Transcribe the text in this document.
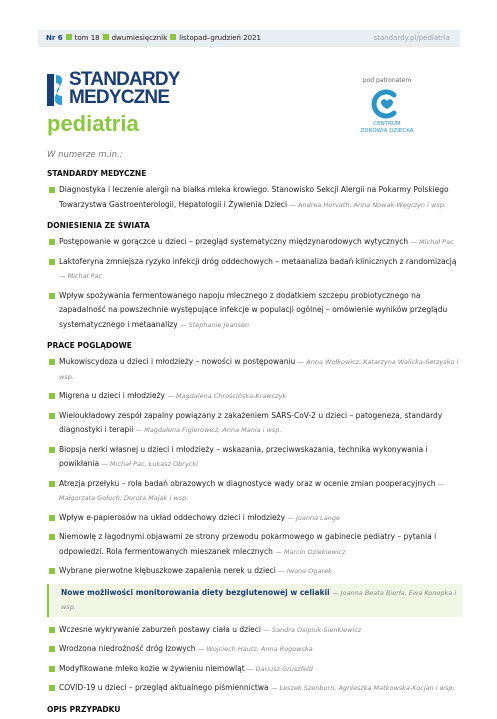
Nr 6 tom 18 dwumiesięcznik listopad–grudzień 2021	standardy.pl/pediatria
STANDARDY
MEDYCZNE
pediatria
pod patronatem
CENTRUM
ZDROWIA DZIECKA
W numerze m.in.:
STANDARDY MEDYCZNE
Diagnostyka i leczenie alergii na białka mleka krowiego. Stanowisko Sekcji Alergii na Pokarmy Polskiego Towarzystwa Gastroenterologii, Hepatologii i Żywienia Dzieci — Andrea Horvath, Anna Nowak-Węgrzyn i wsp.
DONIESIENIA ZE ŚWIATA
Postępowanie w gorączce u dzieci – przegląd systematyczny międzynarodowych wytycznych — Michał Pac
Laktoferyna zmniejsza ryzyko infekcji dróg oddechowych – metaanaliza badań klinicznych z randomizacją — Michał Pac
Wpływ spożywania fermentowanego napoju mlecznego z dodatkiem szczepu probiotycznego na zapadalność na powszechnie występujące infekcje w populacji ogólnej – omówienie wyników przeglądu systematycznego i metaanalizy — Stephanie Jeansen
PRACE POGLĄDOWE
Mukowiscydoza u dzieci i młodzieży – nowości w postępowaniu — Anna Wołkowicz, Katarzyna Walicka-Serzysko i wsp.
Migrena u dzieci i młodzieży — Magdalena Chrościńska-Krawczyk
Wieloukładowy zespół zapalny powiązany z zakażeniem SARS-CoV-2 u dzieci – patogeneza, standardy diagnostyki i terapii — Magdalena Figlerowicz, Anna Mania i wsp.
Biopsja nerki własnej u dzieci i młodzieży – wskazania, przeciwwskazania, technika wykonywania i powikłania — Michał Pac, Łukasz Obrycki
Atrezja przełyku – rola badań obrazowych w diagnostyce wady oraz w ocenie zmian pooperacyjnych — Małgorzata Gołuch, Dorota Majak i wsp.
Wpływ e-papierosów na układ oddechowy dzieci i młodzieży — Joanna Lange
Niemowlę z łagodnymi objawami ze strony przewodu pokarmowego w gabinecie pediatry – pytania i odpowiedzi. Rola fermentowanych mieszanek mlecznych — Marcin Dziekiewicz
Wybrane pierwotne kłębuszkowe zapalenia nerek u dzieci — Iwona Ogarek
Nowe możliwości monitorowania diety bezglutenowej w celiakii — Joanna Beata Bierła, Ewa Konopka i wsp.
Wczesne wykrywanie zaburzeń postawy ciała u dzieci — Sandra Osipiuk-Sienkiewicz
Wrodzona niedrożność dróg łzowych — Wojciech Hautz, Anna Rogowska
Modyfikowane mleko kozie w żywieniu niemowląt — Dariusz Gruszfeld
COVID-19 u dzieci – przegląd aktualnego piśmiennictwa — Leszek Szenborn, Agnieszka Matkowska-Kocjan i wsp.
OPIS PRZYPADKU
